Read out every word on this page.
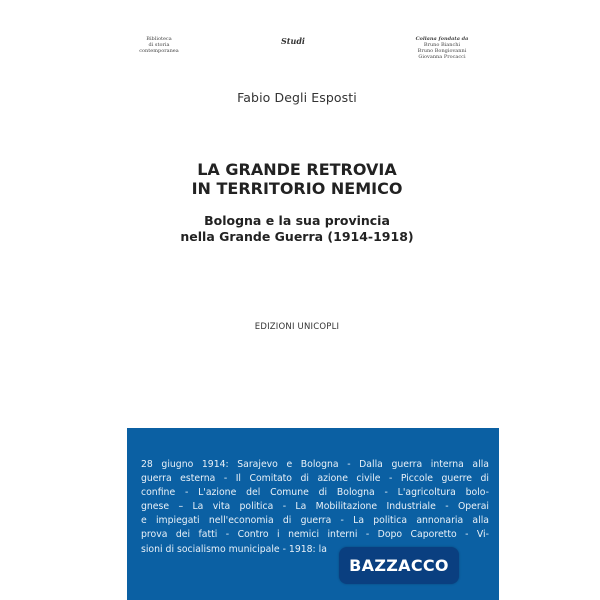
Biblioteca
di storia
contemporanea
Studi	Collana fondata da
Bruno Bianchi
Bruno Bongiovanni
Giovanna Procacci
Fabio Degli Esposti
LA GRANDE RETROVIA
IN TERRITORIO NEMICO
Bologna e la sua provincia
nella Grande Guerra (1914-1918)
EDIZIONI UNICOPLI
28 giugno 1914: Sarajevo e Bologna - Dalla guerra interna alla
guerra esterna - Il Comitato di azione civile - Piccole guerre di
confine - L'azione del Comune di Bologna - L'agricoltura bolo-
gnese – La vita politica - La Mobilitazione Industriale - Operai
e impiegati nell'economia di guerra - La politica annonaria alla
prova dei fatti - Contro i nemici interni - Dopo Caporetto - Vi-
sioni di socialismo municipale - 1918: la
BAZZACCO
